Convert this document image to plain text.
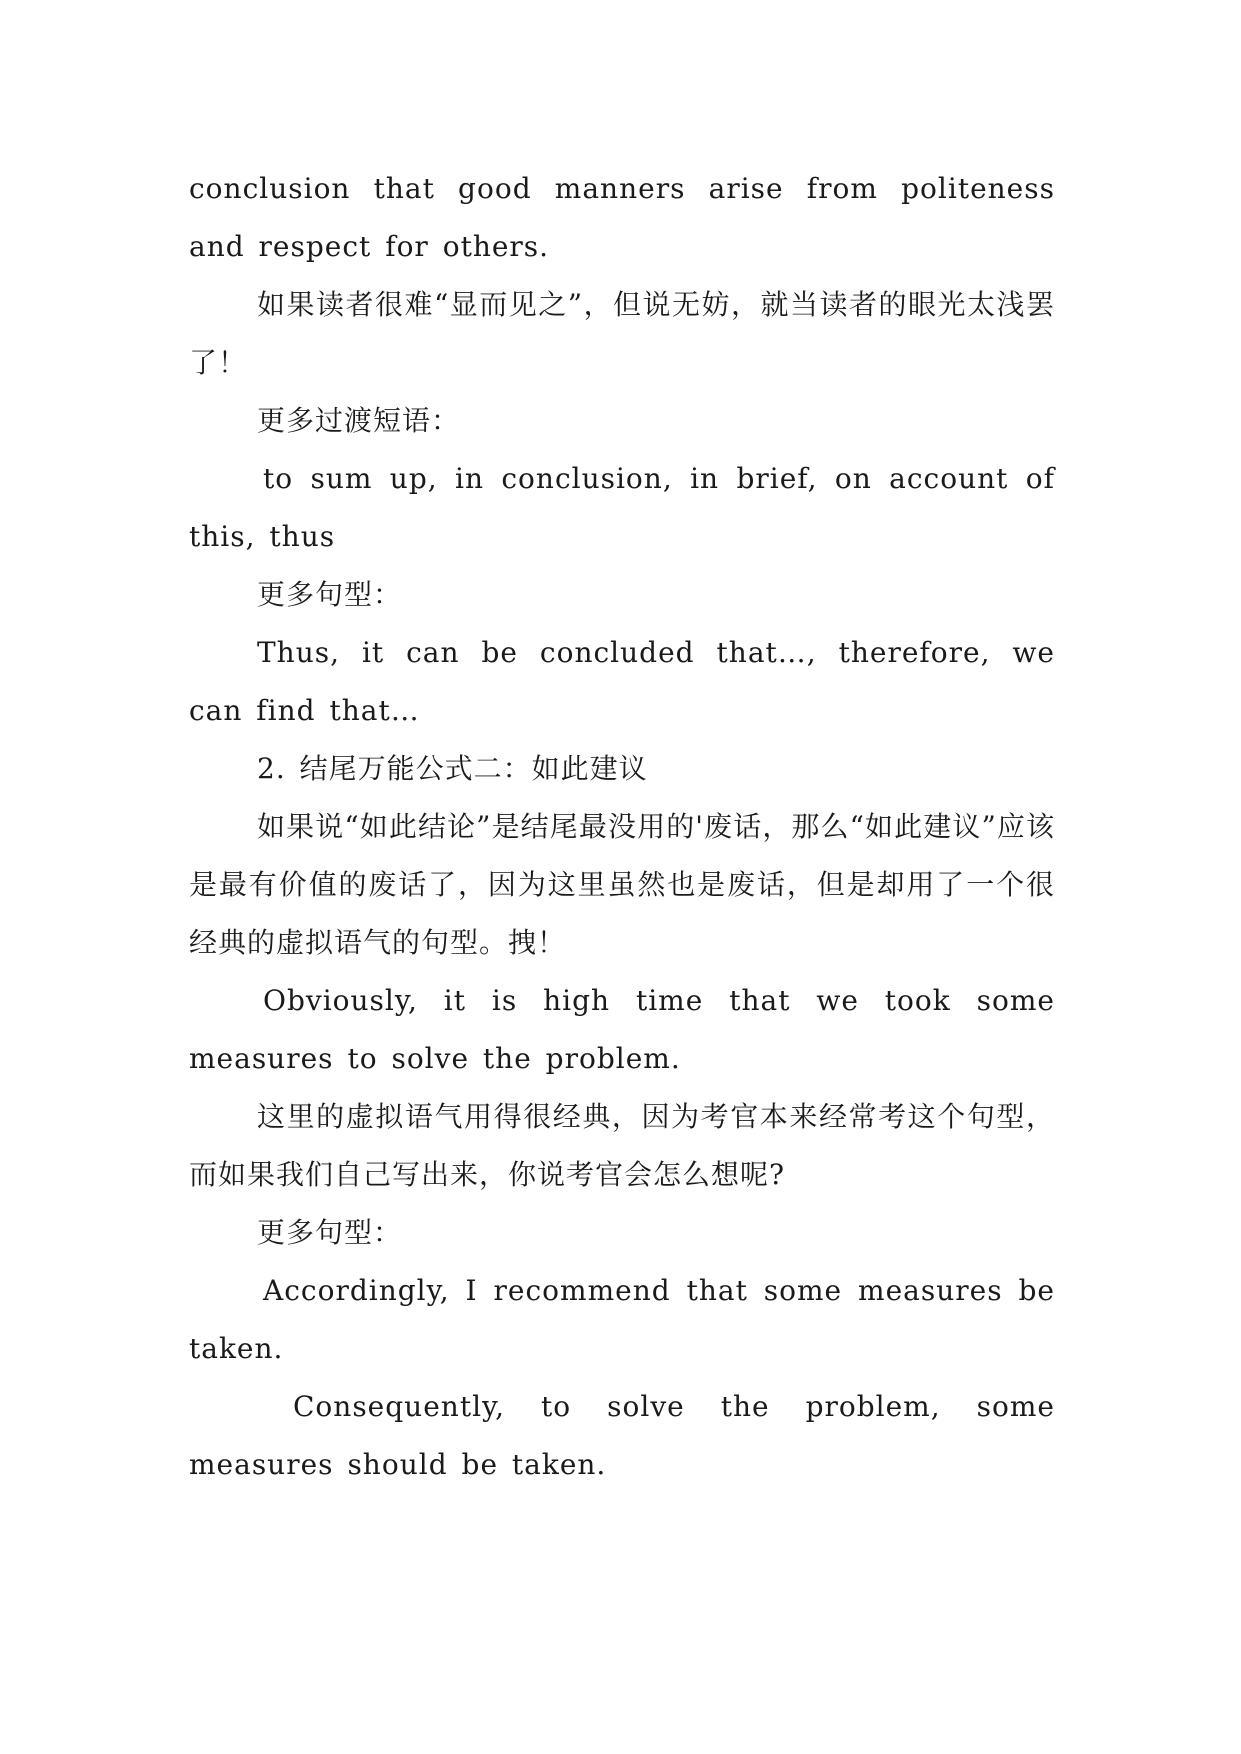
conclusion that good manners arise from politeness and respect for others.

如果读者很难“显而见之”，但说无妨，就当读者的眼光太浅罢了！

更多过渡短语：

to sum up, in conclusion, in brief, on account of this, thus

更多句型：

Thus, it can be concluded that…, therefore, we can find that…

2. 结尾万能公式二：如此建议

如果说“如此结论”是结尾最没用的'废话，那么“如此建议”应该是最有价值的废话了，因为这里虽然也是废话，但是却用了一个很经典的虚拟语气的句型。拽！

Obviously, it is high time that we took some measures to solve the problem.

这里的虚拟语气用得很经典，因为考官本来经常考这个句型，而如果我们自己写出来，你说考官会怎么想呢?

更多句型：

Accordingly, I recommend that some measures be taken.

Consequently, to solve the problem, some measures should be taken.
